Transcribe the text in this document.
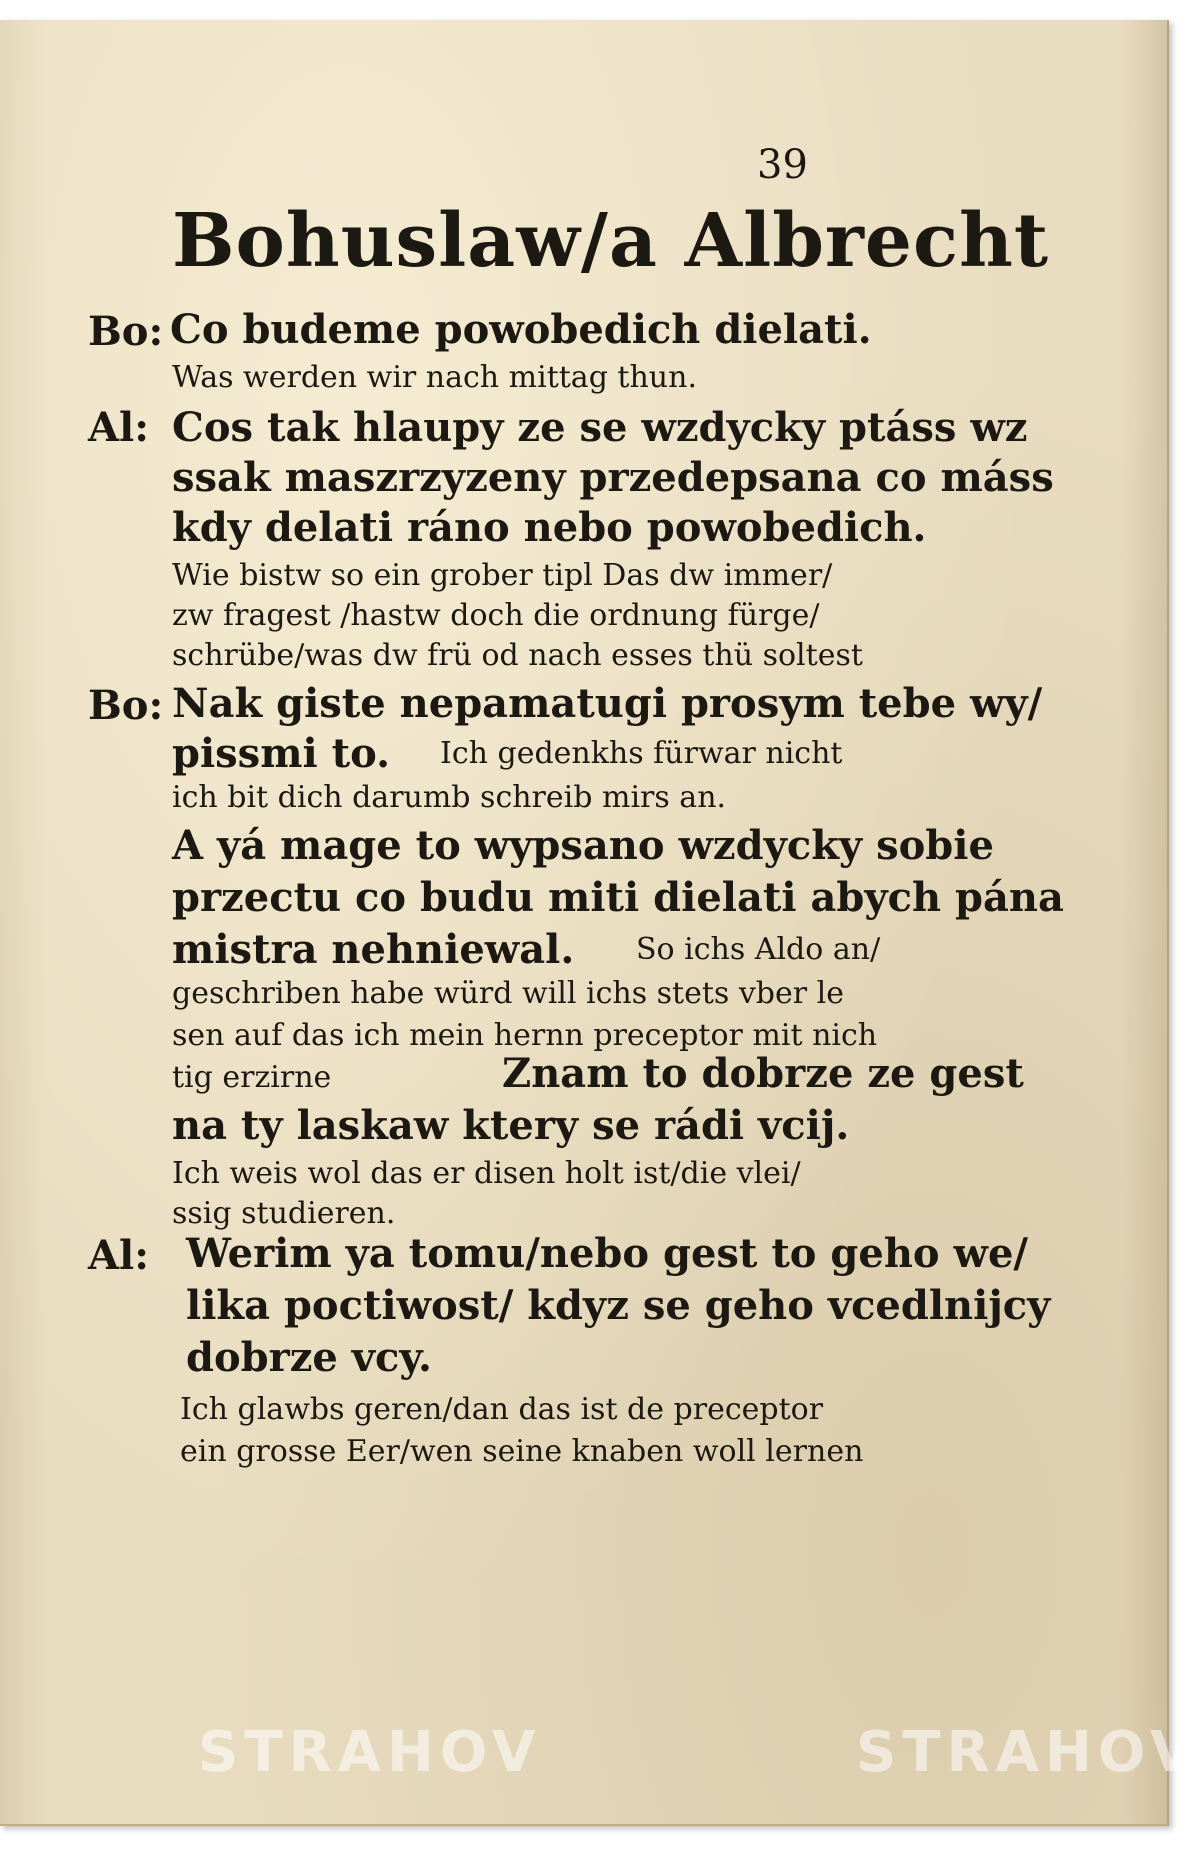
39
Bohuslaw/a Albrecht
Bo: Co budeme powobedich dielati.
Was werden wir nach mittag thun.
Al: Cos tak hlaupy ze se wzdycky ptáss wz
ssak maszrzyzeny przedepsana co máss
kdy delati ráno nebo powobedich.
Wie bistw so ein grober tipl Das dw immer/
zw fragest /hastw doch die ordnung fürge/
schrübe/was dw frü od nach esses thü soltest
Bo: Nak giste nepamatugi prosym tebe wy/
pissmi to. Ich gedenkhs fürwar nicht
ich bit dich darumb schreib mirs an.
A yá mage to wypsano wzdycky sobie
przectu co budu miti dielati abych pána
mistra nehniewal. So ichs Aldo an/
geschriben habe würd will ichs stets vber le
sen auf das ich mein hernn preceptor mit nich
tig erzirne	Znam to dobrze ze gest
na ty laskaw ktery se rádi vcij.
Ich weis wol das er disen holt ist/die vlei/
ssig studieren.
Al: Werim ya tomu/nebo gest to geho we/
lika poctiwost/ kdyz se geho vcedlnijcy
dobrze vcy.
Ich glawbs geren/dan das ist de preceptor
ein grosse Eer/wen seine knaben woll lernen
STRAHOV	STRAHOV
